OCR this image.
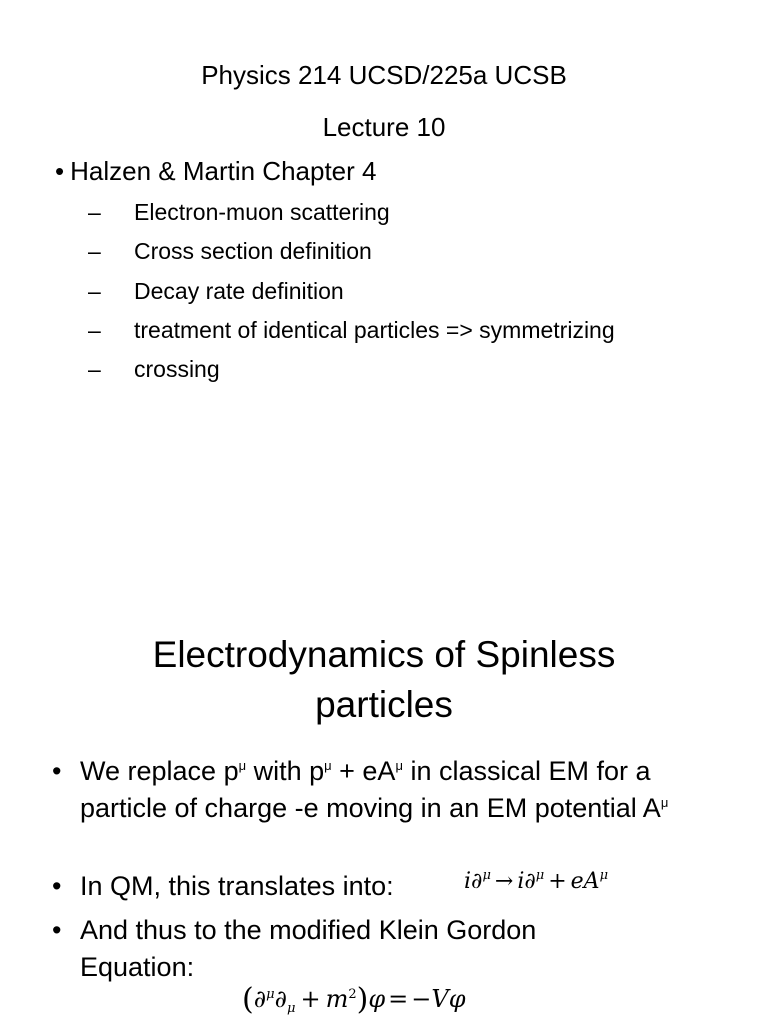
Physics 214 UCSD/225a UCSB
Lecture 10
• Halzen & Martin Chapter 4
– Electron-muon scattering
– Cross section definition
– Decay rate definition
– treatment of identical particles => symmetrizing
– crossing
Electrodynamics of Spinless
particles
• We replace $p^\mu$ with $p^\mu + eA^\mu$ in classical EM for a particle of charge -e moving in an EM potential $A^\mu$
• In QM, this translates into:	$i\partial^\mu \to i\partial^\mu + eA^\mu$
• And thus to the modified Klein Gordon Equation:
$(\partial^\mu\partial_\mu + m^2)\varphi = -V\varphi$
